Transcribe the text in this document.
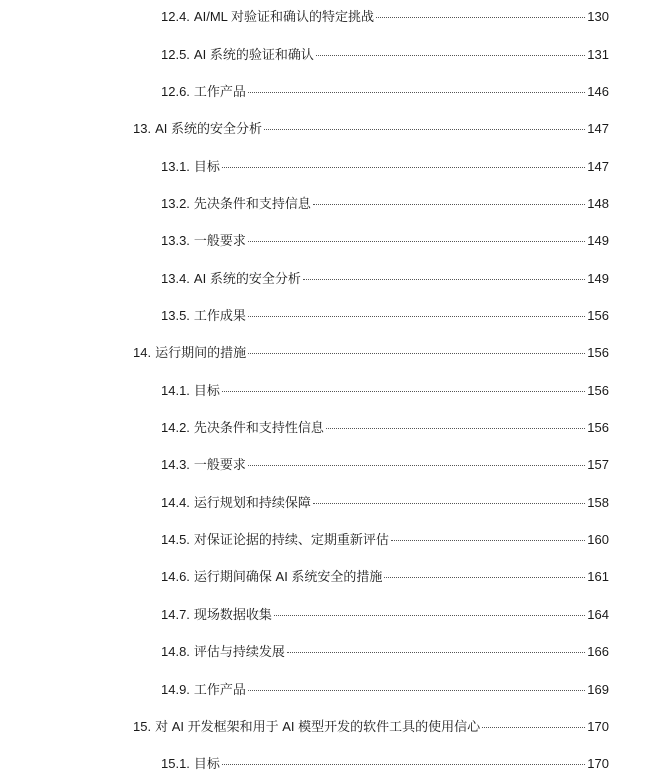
12.4. AI/ML 对验证和确认的特定挑战	130
12.5. AI 系统的验证和确认	131
12.6. 工作产品	146
13. AI 系统的安全分析	147
13.1. 目标	147
13.2. 先决条件和支持信息	148
13.3. 一般要求	149
13.4. AI 系统的安全分析	149
13.5. 工作成果	156
14. 运行期间的措施	156
14.1. 目标	156
14.2. 先决条件和支持性信息	156
14.3. 一般要求	157
14.4. 运行规划和持续保障	158
14.5. 对保证论据的持续、定期重新评估	160
14.6. 运行期间确保 AI 系统安全的措施	161
14.7. 现场数据收集	164
14.8. 评估与持续发展	166
14.9. 工作产品	169
15. 对 AI 开发框架和用于 AI 模型开发的软件工具的使用信心	170
15.1. 目标	170
